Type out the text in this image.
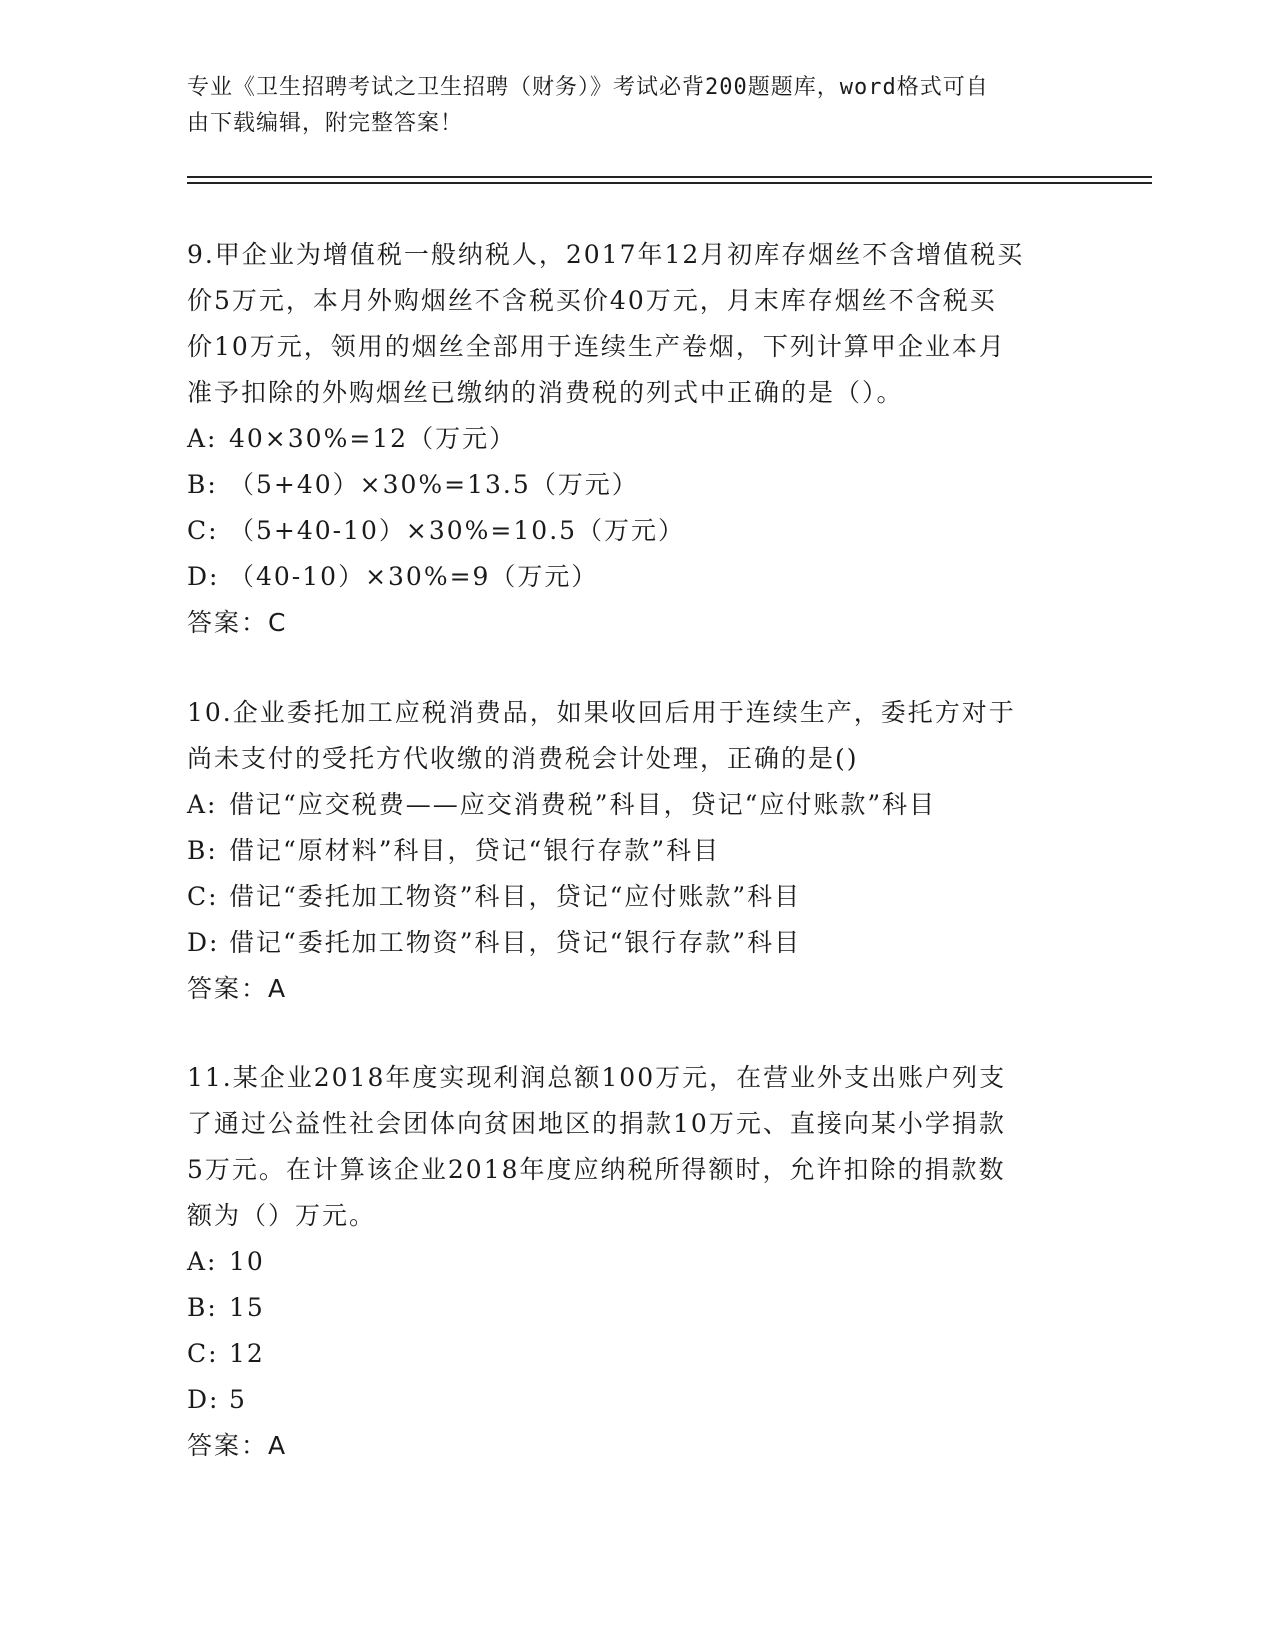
专业《卫生招聘考试之卫生招聘（财务）》考试必背200题题库，word格式可自
由下载编辑，附完整答案！

9.甲企业为增值税一般纳税人，2017年12月初库存烟丝不含增值税买

价5万元，本月外购烟丝不含税买价40万元，月末库存烟丝不含税买

价10万元，领用的烟丝全部用于连续生产卷烟，下列计算甲企业本月

准予扣除的外购烟丝已缴纳的消费税的列式中正确的是（）。

A: 40×30%=12（万元）

B: （5+40）×30%=13.5（万元）

C: （5+40-10）×30%=10.5（万元）

D: （40-10）×30%=9（万元）

答案：C

10.企业委托加工应税消费品，如果收回后用于连续生产，委托方对于

尚未支付的受托方代收缴的消费税会计处理，正确的是()

A: 借记“应交税费——应交消费税”科目，贷记“应付账款”科目

B: 借记“原材料”科目，贷记“银行存款”科目

C: 借记“委托加工物资”科目，贷记“应付账款”科目

D: 借记“委托加工物资”科目，贷记“银行存款”科目

答案：A

11.某企业2018年度实现利润总额100万元，在营业外支出账户列支

了通过公益性社会团体向贫困地区的捐款10万元、直接向某小学捐款

5万元。在计算该企业2018年度应纳税所得额时，允许扣除的捐款数

额为（）万元。

A: 10

B: 15

C: 12

D: 5

答案：A
